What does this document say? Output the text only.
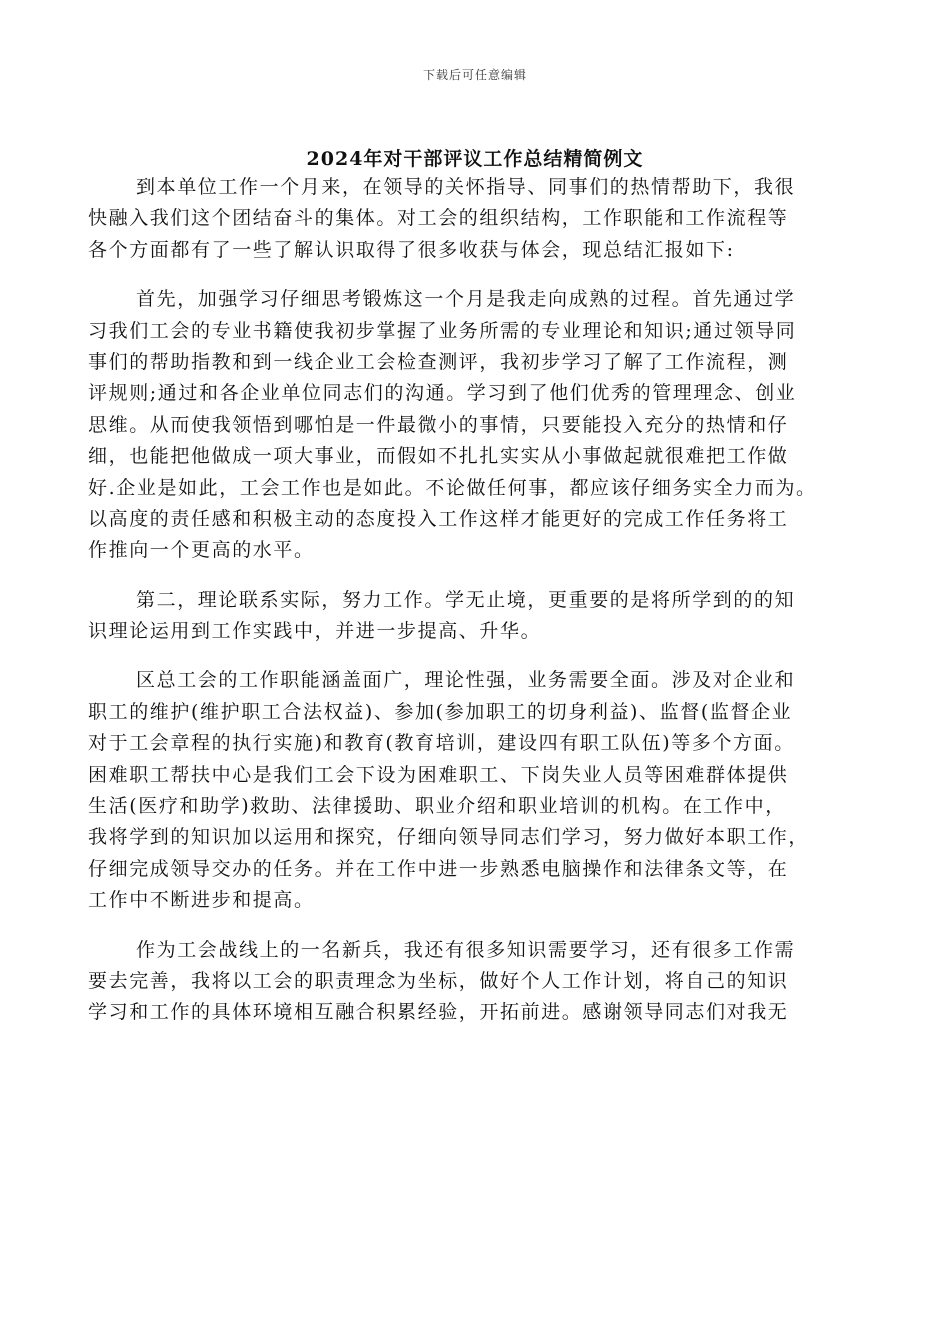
下载后可任意编辑
2024年对干部评议工作总结精简例文
到本单位工作一个月来，在领导的关怀指导、同事们的热情帮助下，我很
快融入我们这个团结奋斗的集体。对工会的组织结构，工作职能和工作流程等
各个方面都有了一些了解认识取得了很多收获与体会，现总结汇报如下:
首先，加强学习仔细思考锻炼这一个月是我走向成熟的过程。首先通过学
习我们工会的专业书籍使我初步掌握了业务所需的专业理论和知识;通过领导同
事们的帮助指教和到一线企业工会检查测评，我初步学习了解了工作流程，测
评规则;通过和各企业单位同志们的沟通。学习到了他们优秀的管理理念、创业
思维。从而使我领悟到哪怕是一件最微小的事情，只要能投入充分的热情和仔
细，也能把他做成一项大事业，而假如不扎扎实实从小事做起就很难把工作做
好.企业是如此，工会工作也是如此。不论做任何事，都应该仔细务实全力而为。
以高度的责任感和积极主动的态度投入工作这样才能更好的完成工作任务将工
作推向一个更高的水平。
第二，理论联系实际，努力工作。学无止境，更重要的是将所学到的的知
识理论运用到工作实践中，并进一步提高、升华。
区总工会的工作职能涵盖面广，理论性强，业务需要全面。涉及对企业和
职工的维护(维护职工合法权益)、参加(参加职工的切身利益)、监督(监督企业
对于工会章程的执行实施)和教育(教育培训，建设四有职工队伍)等多个方面。
困难职工帮扶中心是我们工会下设为困难职工、下岗失业人员等困难群体提供
生活(医疗和助学)救助、法律援助、职业介绍和职业培训的机构。在工作中，
我将学到的知识加以运用和探究，仔细向领导同志们学习，努力做好本职工作，
仔细完成领导交办的任务。并在工作中进一步熟悉电脑操作和法律条文等，在
工作中不断进步和提高。
作为工会战线上的一名新兵，我还有很多知识需要学习，还有很多工作需
要去完善，我将以工会的职责理念为坐标，做好个人工作计划，将自己的知识
学习和工作的具体环境相互融合积累经验，开拓前进。感谢领导同志们对我无
